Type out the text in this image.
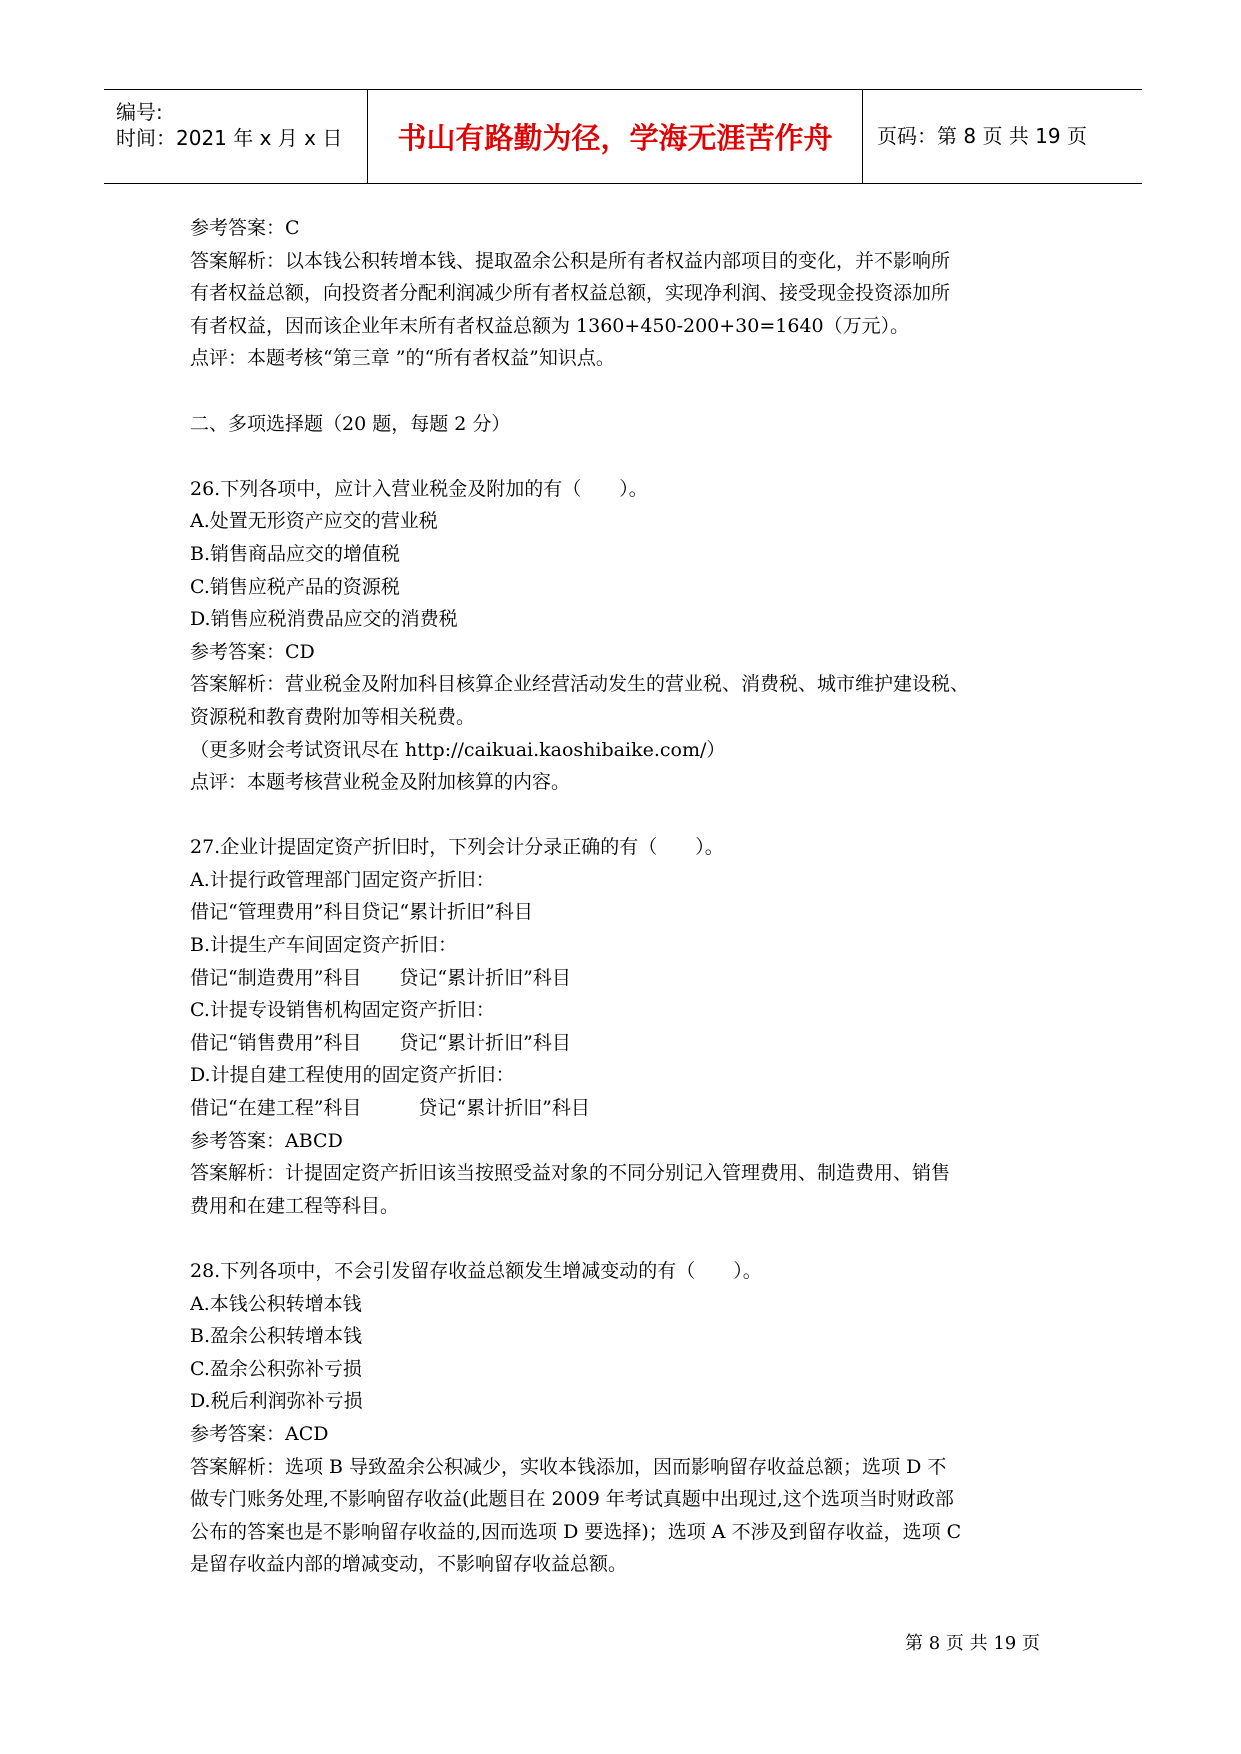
编号:
时间：2021 年 x 月 x 日	书山有路勤为径，学海无涯苦作舟	页码：第 8 页 共 19 页
参考答案：C
答案解析：以本钱公积转增本钱、提取盈余公积是所有者权益内部项目的变化，并不影响所
有者权益总额，向投资者分配利润减少所有者权益总额，实现净利润、接受现金投资添加所
有者权益，因而该企业年末所有者权益总额为 1360+450-200+30=1640（万元）。
点评：本题考核“第三章 ”的“所有者权益”知识点。
二、多项选择题（20 题，每题 2 分）
26.下列各项中，应计入营业税金及附加的有（　　）。
A.处置无形资产应交的营业税
B.销售商品应交的增值税
C.销售应税产品的资源税
D.销售应税消费品应交的消费税
参考答案：CD
答案解析：营业税金及附加科目核算企业经营活动发生的营业税、消费税、城市维护建设税、
资源税和教育费附加等相关税费。
（更多财会考试资讯尽在 http://caikuai.kaoshibaike.com/）
点评：本题考核营业税金及附加核算的内容。
27.企业计提固定资产折旧时，下列会计分录正确的有（　　）。
A.计提行政管理部门固定资产折旧：
借记“管理费用”科目贷记“累计折旧”科目
B.计提生产车间固定资产折旧：
借记“制造费用”科目　　贷记“累计折旧”科目
C.计提专设销售机构固定资产折旧：
借记“销售费用”科目　　贷记“累计折旧”科目
D.计提自建工程使用的固定资产折旧：
借记“在建工程”科目　　　贷记“累计折旧”科目
参考答案：ABCD
答案解析：计提固定资产折旧该当按照受益对象的不同分别记入管理费用、制造费用、销售
费用和在建工程等科目。
28.下列各项中，不会引发留存收益总额发生增减变动的有（　　）。
A.本钱公积转增本钱
B.盈余公积转增本钱
C.盈余公积弥补亏损
D.税后利润弥补亏损
参考答案：ACD
答案解析：选项 B 导致盈余公积减少，实收本钱添加，因而影响留存收益总额；选项 D 不
做专门账务处理,不影响留存收益(此题目在 2009 年考试真题中出现过,这个选项当时财政部
公布的答案也是不影响留存收益的,因而选项 D 要选择)；选项 A 不涉及到留存收益，选项 C
是留存收益内部的增减变动，不影响留存收益总额。
第 8 页 共 19 页
